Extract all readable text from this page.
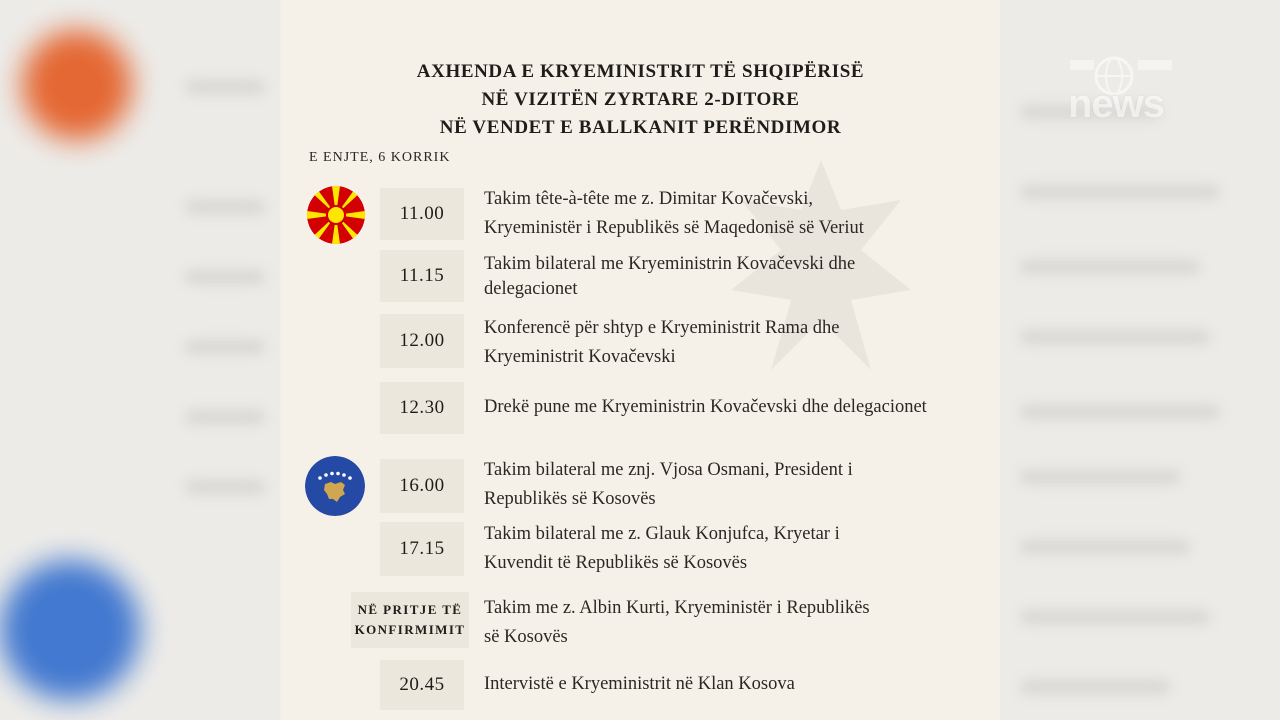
news
AXHENDA E KRYEMINISTRIT TË SHQIPËRISË
NË VIZITËN ZYRTARE 2-DITORE
NË VENDET E BALLKANIT PERËNDIMOR
E ENJTE, 6 KORRIK
11.00
Takim tête-à-tête me z. Dimitar Kovačevski,
Kryeministër i Republikës së Maqedonisë së Veriut
11.15
Takim bilateral me Kryeministrin Kovačevski dhe
delegacionet
12.00
Konferencë për shtyp e Kryeministrit Rama dhe
Kryeministrit Kovačevski
12.30	Drekë pune me Kryeministrin Kovačevski dhe delegacionet
16.00
Takim bilateral me znj. Vjosa Osmani, President i
Republikës së Kosovës
17.15
Takim bilateral me z. Glauk Konjufca, Kryetar i
Kuvendit të Republikës së Kosovës
NË PRITJE TË
KONFIRMIMIT
Takim me z. Albin Kurti, Kryeministër i Republikës
së Kosovës
20.45	Intervistë e Kryeministrit në Klan Kosova
